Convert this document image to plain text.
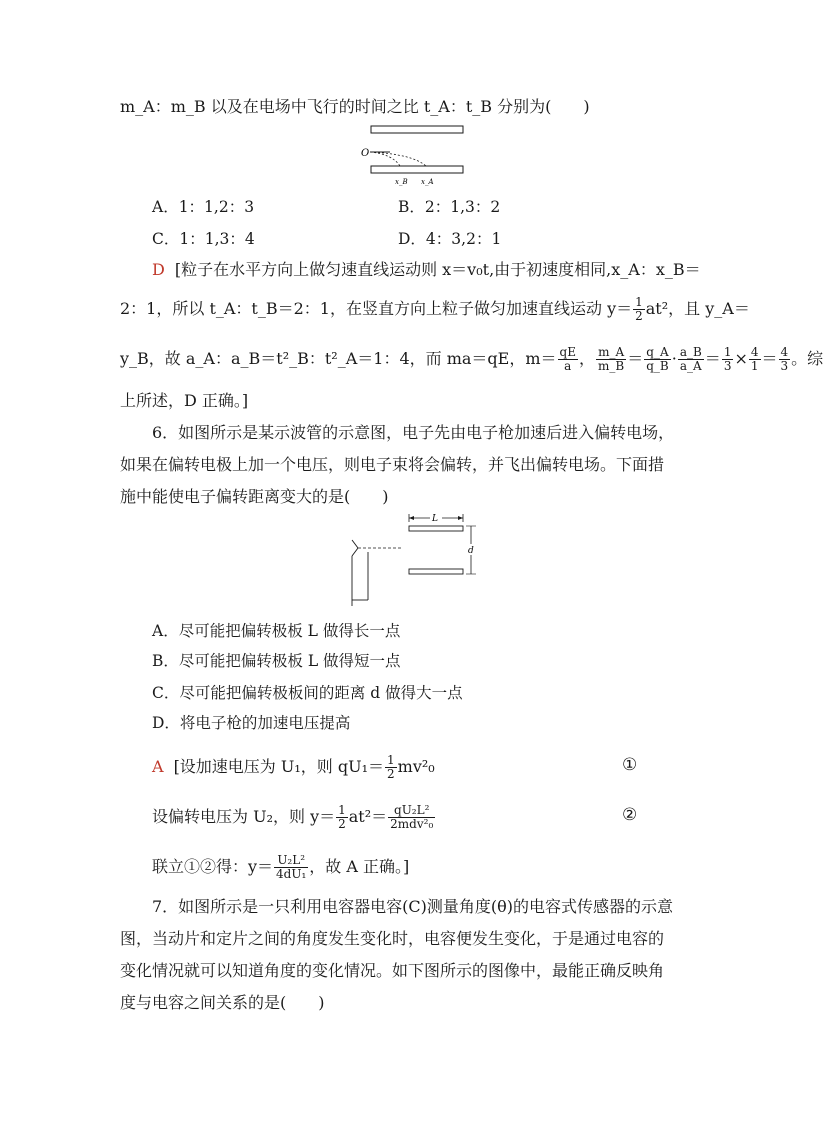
m_A：m_B 以及在电场中飞行的时间之比 t_A：t_B 分别为(　　)
O
x_B x_A
A．1：1,2：3	B．2：1,3：2
C．1：1,3：4	D．4：3,2：1
D [粒子在水平方向上做匀速直线运动则 x＝v₀t,由于初速度相同,x_A：x_B＝
2：1，所以 t_A：t_B＝2：1，在竖直方向上粒子做匀加速直线运动 $y= \frac{1}{2} at^2$，且 y_A＝
y_B，故 a_A：a_B＝t²_B：t²_A＝1：4，而 ma＝qE，$m= \frac{qE}{a}$ ， $\frac{m\_A}{m\_B} = \frac{q\_A}{q\_B} \cdot \frac{a\_B}{a\_A} = \frac{1}{3} \times \frac{4}{1} = \frac{4}{3}$ 。综
上所述，D 正确。]
6．如图所示是某示波管的示意图，电子先由电子枪加速后进入偏转电场，
如果在偏转电极上加一个电压，则电子束将会偏转，并飞出偏转电场。下面措
施中能使电子偏转距离变大的是(　　)
L
d
A．尽可能把偏转极板 L 做得长一点
B．尽可能把偏转极板 L 做得短一点
C．尽可能把偏转极板间的距离 d 做得大一点
D．将电子枪的加速电压提高
A [设加速电压为 U₁，则 $qU_1= \frac{1}{2} mv^2_0$	①
设偏转电压为 U₂，则 $y= \frac{1}{2} at^2= \frac{\text{qU₂L²}}{\text{2mdv²₀}}$	②
联立①②得：$y= \frac{\text{U₂L²}}{\text{4dU₁}}$ ，故 A 正确。]
7．如图所示是一只利用电容器电容(C)测量角度(θ)的电容式传感器的示意
图，当动片和定片之间的角度发生变化时，电容便发生变化，于是通过电容的
变化情况就可以知道角度的变化情况。如下图所示的图像中，最能正确反映角
度与电容之间关系的是(　　)
